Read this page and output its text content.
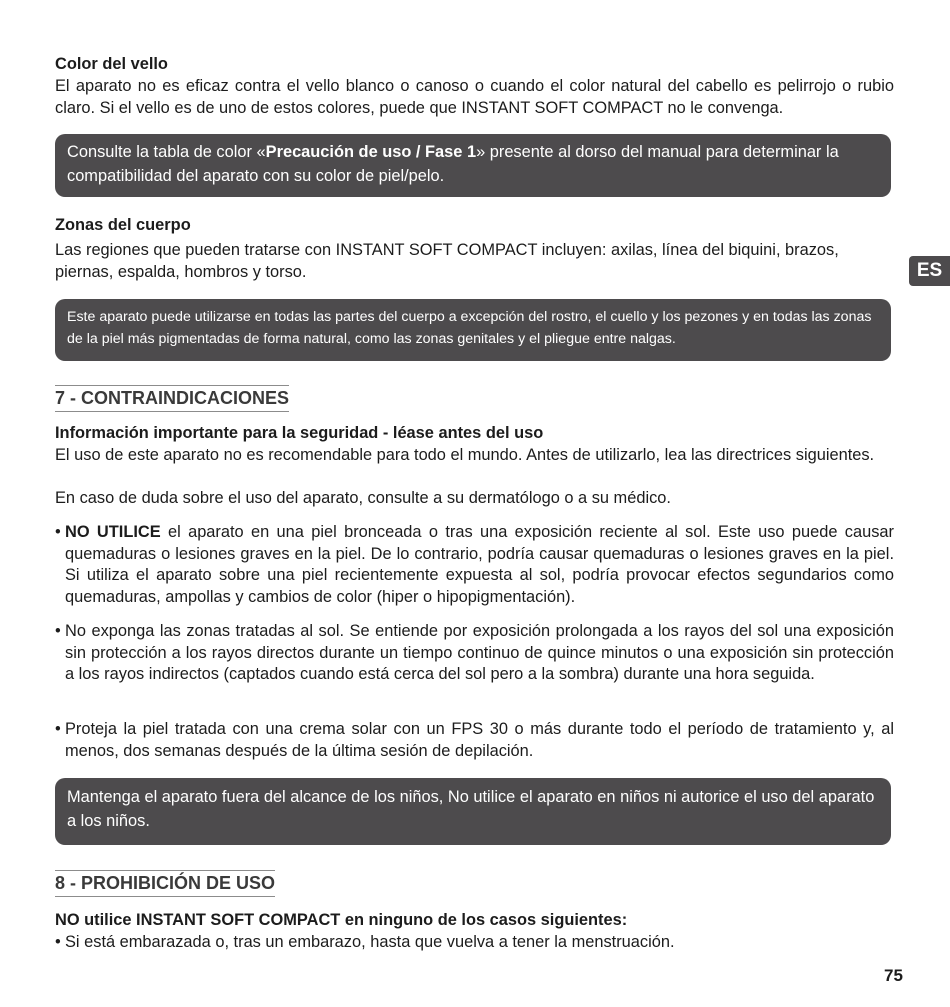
Color del vello
El aparato no es eficaz contra el vello blanco o canoso o cuando el color natural del cabello es pelirrojo o rubio claro. Si el vello es de uno de estos colores, puede que INSTANT SOFT COMPACT no le convenga.
Consulte la tabla de color «Precaución de uso / Fase 1» presente al dorso del manual para determinar la compatibilidad del aparato con su color de piel/pelo.
Zonas del cuerpo
Las regiones que pueden tratarse con INSTANT SOFT COMPACT incluyen: axilas, línea del biquini, brazos, piernas, espalda, hombros y torso.
Este aparato puede utilizarse en todas las partes del cuerpo a excepción del rostro, el cuello y los pezones y en todas las zonas de la piel más pigmentadas de forma natural, como las zonas genitales y el pliegue entre nalgas.
ES
7 - CONTRAINDICACIONES
Información importante para la seguridad - léase antes del uso
El uso de este aparato no es recomendable para todo el mundo. Antes de utilizarlo, lea las directrices siguientes.
En caso de duda sobre el uso del aparato, consulte a su dermatólogo o a su médico.
• NO UTILICE el aparato en una piel bronceada o tras una exposición reciente al sol. Este uso puede causar quemaduras o lesiones graves en la piel. De lo contrario, podría causar quemaduras o lesiones graves en la piel. Si utiliza el aparato sobre una piel recientemente expuesta al sol, podría provocar efectos segundarios como quemaduras, ampollas y cambios de color (hiper o hipopigmentación).
• No exponga las zonas tratadas al sol. Se entiende por exposición prolongada a los rayos del sol una exposición sin protección a los rayos directos durante un tiempo continuo de quince minutos o una exposición sin protección a los rayos indirectos (captados cuando está cerca del sol pero a la sombra) durante una hora seguida.
• Proteja la piel tratada con una crema solar con un FPS 30 o más durante todo el período de tratamiento y, al menos, dos semanas después de la última sesión de depilación.
Mantenga el aparato fuera del alcance de los niños, No utilice el aparato en niños ni autorice el uso del aparato a los niños.
8 - PROHIBICIÓN DE USO
NO utilice INSTANT SOFT COMPACT en ninguno de los casos siguientes:
• Si está embarazada o, tras un embarazo, hasta que vuelva a tener la menstruación.
75
